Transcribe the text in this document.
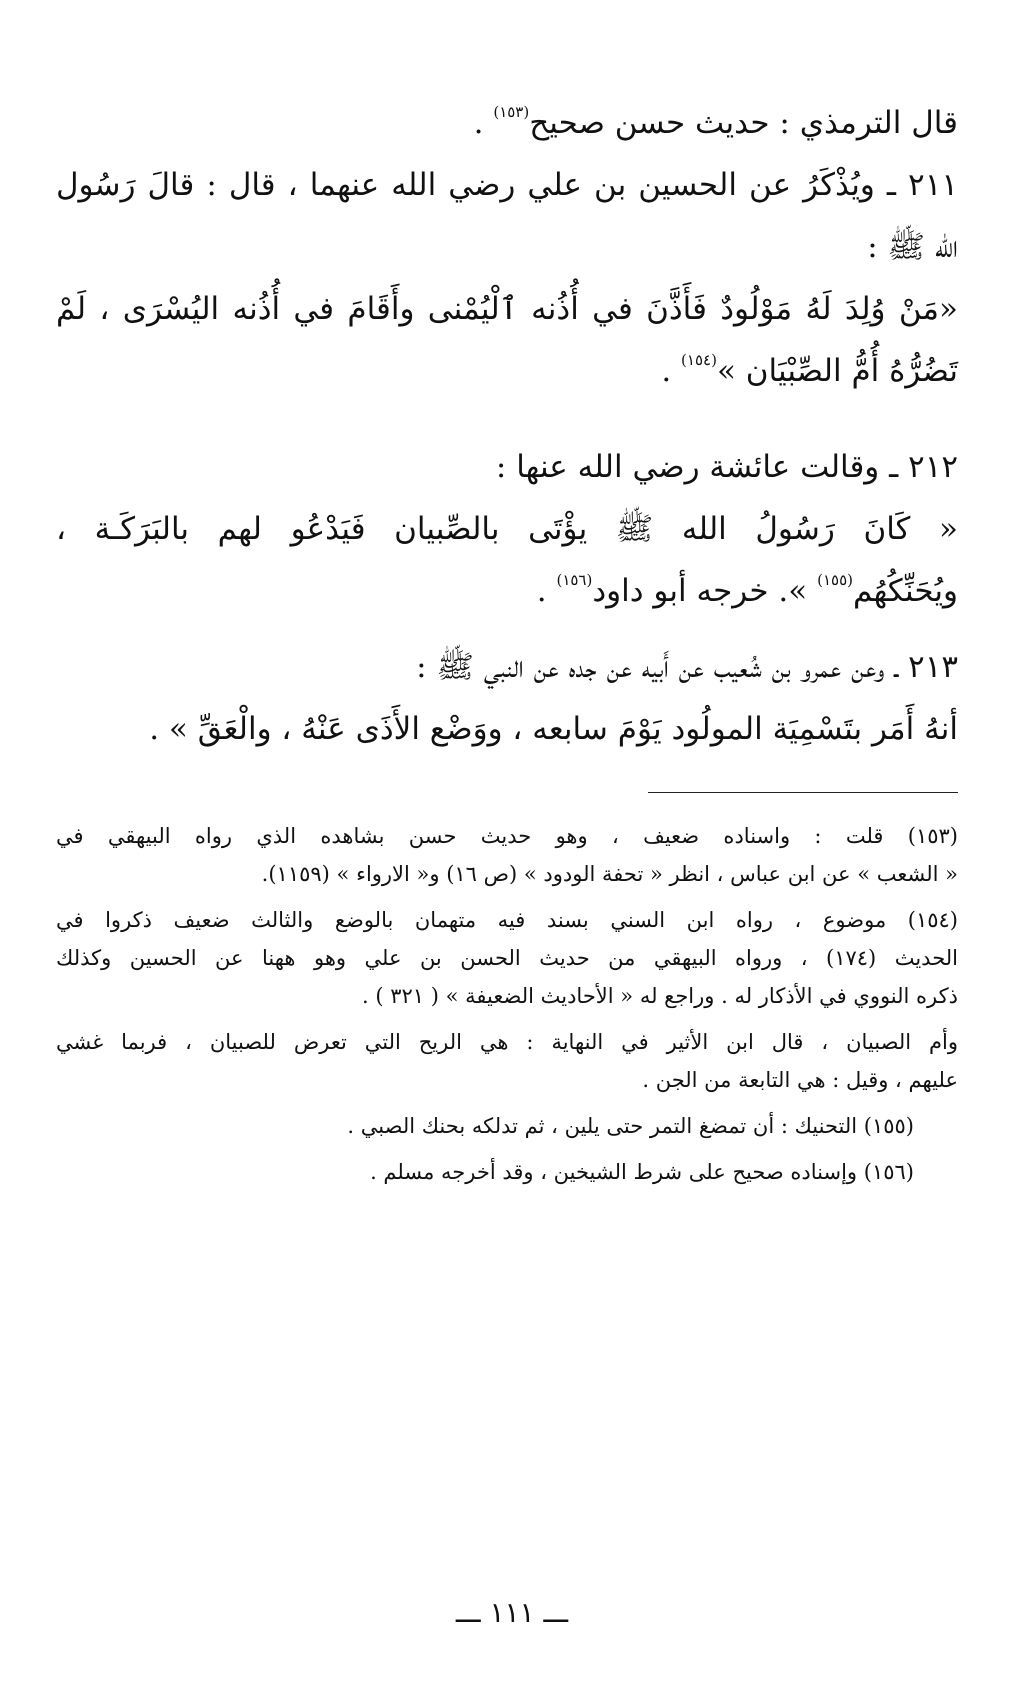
قال الترمذي : حديث حسن صحيح$^{(١٥٣)}$ .
٢١١ ـ ويُذْكَرُ عن الحسين بن علي رضي الله عنهما ، قال : قالَ رَسُول
الله ﷺ :
«مَنْ وُلِدَ لَهُ مَوْلُودٌ فَأَذَّنَ في أُذُنه ٱلْيُمْنى وأَقَامَ في أُذُنه اليُسْرَى ، لَمْ
تَضُرُّهُ أُمُّ الصِّبْيَان »$^{(١٥٤)}$ .
٢١٢ ـ وقالت عائشة رضي الله عنها :
« كَانَ رَسُولُ الله ﷺ يؤْتَى بالصِّبيان فَيَدْعُو لهم بالبَرَكَـة ،
ويُحَنِّكُهُم$^{(١٥٥)}$ ». خرجه أبو داود$^{(١٥٦)}$ .
٢١٣ ـ وعن عمرو بن شُعيب عن أَبيه عن جده عن النبي ﷺ :
أنهُ أَمَر بتَسْمِيَة المولُود يَوْمَ سابعه ، ووَضْع الأَذَى عَنْهُ ، والْعَقِّ » .
(١٥٣) قلت : واسناده ضعيف ، وهو حديث حسن بشاهده الذي رواه البيهقي في
« الشعب » عن ابن عباس ، انظر « تحفة الودود » (ص ١٦) و« الارواء » (١١٥٩).
(١٥٤) موضوع ، رواه ابن السني بسند فيه متهمان بالوضع والثالث ضعيف ذكروا في
الحديث (١٧٤) ، ورواه البيهقي من حديث الحسن بن علي وهو ههنا عن الحسين وكذلك
ذكره النووي في الأذكار له . وراجع له « الأحاديث الضعيفة » ( ٣٢١ ) .
وأم الصبيان ، قال ابن الأثير في النهاية : هي الريح التي تعرض للصبيان ، فربما غشي
عليهم ، وقيل : هي التابعة من الجن .
(١٥٥) التحنيك : أن تمضغ التمر حتى يلين ، ثم تدلكه بحنك الصبي .
(١٥٦) وإسناده صحيح على شرط الشيخين ، وقد أخرجه مسلم .
ـــ ١١١ ـــ
